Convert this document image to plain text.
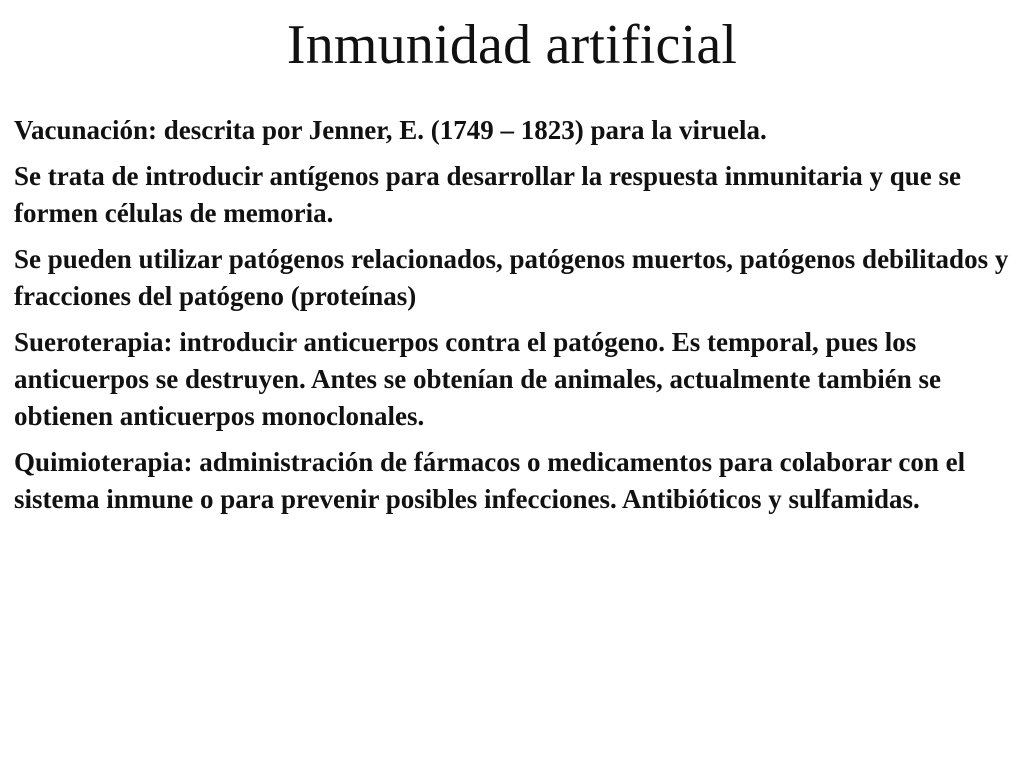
Inmunidad artificial

Vacunación: descrita por Jenner, E. (1749 – 1823) para la viruela.

Se trata de introducir antígenos para desarrollar la respuesta inmunitaria y que se formen células de memoria.

Se pueden utilizar patógenos relacionados, patógenos muertos, patógenos debilitados y fracciones del patógeno (proteínas)

Sueroterapia: introducir anticuerpos contra el patógeno. Es temporal, pues los anticuerpos se destruyen. Antes se obtenían de animales, actualmente también se obtienen anticuerpos monoclonales.

Quimioterapia: administración de fármacos o medicamentos para colaborar con el sistema inmune o para prevenir posibles infecciones. Antibióticos y sulfamidas.
